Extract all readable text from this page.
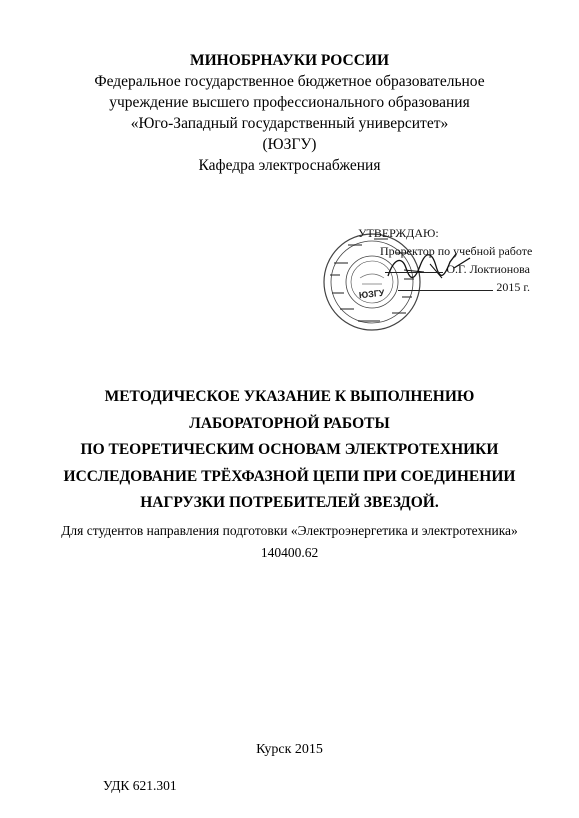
МИНОБРНАУКИ РОССИИ
Федеральное государственное бюджетное образовательное
учреждение высшего профессионального образования
«Юго-Западный государственный университет»
(ЮЗГУ)
Кафедра электроснабжения
ЮЗГУ
УТВЕРЖДАЮ:
Проректор по учебной работе
О.Г. Локтионова
2015 г.
МЕТОДИЧЕСКОЕ УКАЗАНИЕ К ВЫПОЛНЕНИЮ
ЛАБОРАТОРНОЙ РАБОТЫ
ПО ТЕОРЕТИЧЕСКИМ ОСНОВАМ ЭЛЕКТРОТЕХНИКИ
ИССЛЕДОВАНИЕ ТРЁХФАЗНОЙ ЦЕПИ ПРИ СОЕДИНЕНИИ
НАГРУЗКИ ПОТРЕБИТЕЛЕЙ ЗВЕЗДОЙ.
Для студентов направления подготовки «Электроэнергетика и электротехника»
140400.62
Курск 2015
УДК 621.301
